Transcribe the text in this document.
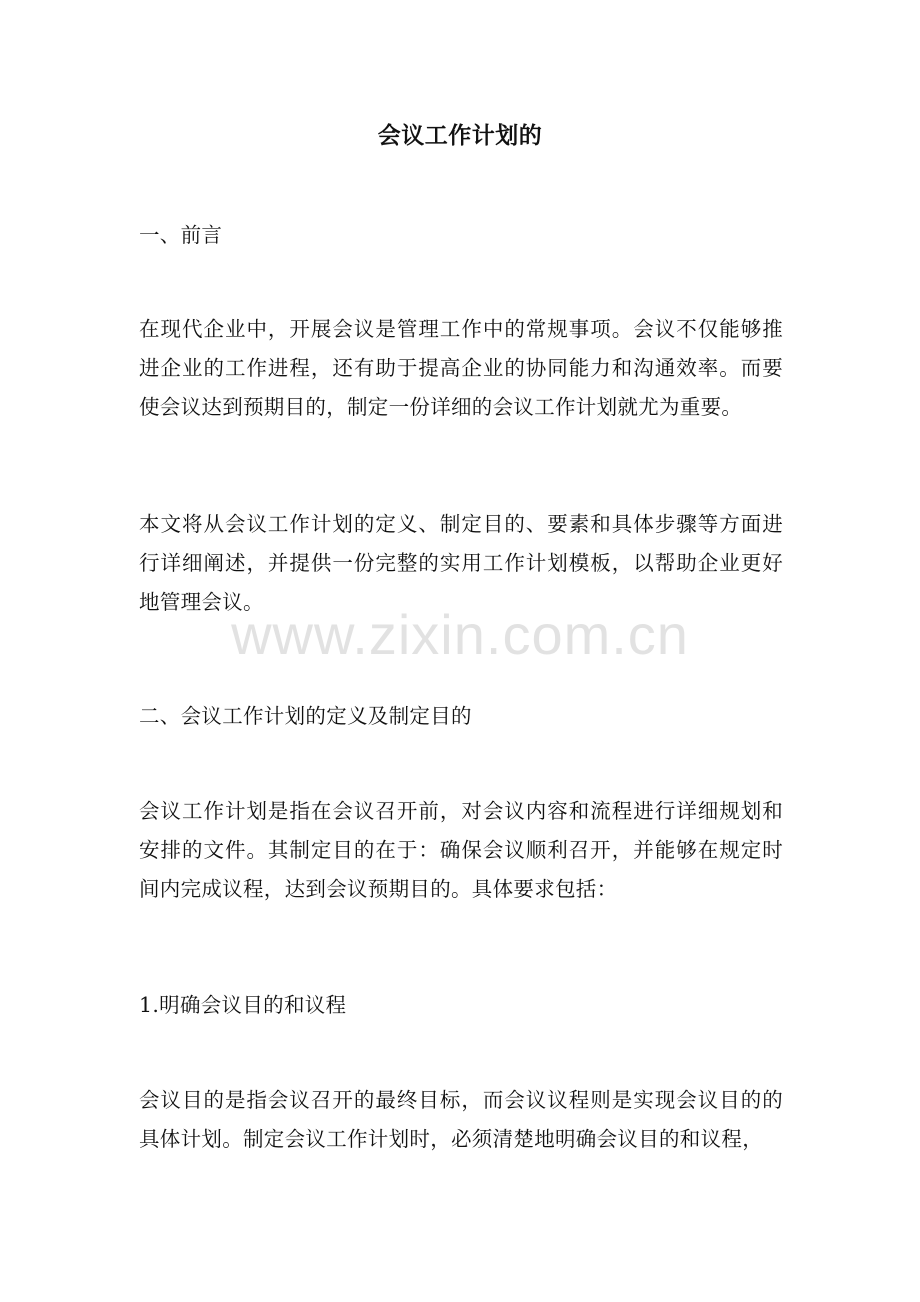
会议工作计划的

一、前言

在现代企业中，开展会议是管理工作中的常规事项。会议不仅能够推进企业的工作进程，还有助于提高企业的协同能力和沟通效率。而要使会议达到预期目的，制定一份详细的会议工作计划就尤为重要。

本文将从会议工作计划的定义、制定目的、要素和具体步骤等方面进行详细阐述，并提供一份完整的实用工作计划模板，以帮助企业更好地管理会议。

二、会议工作计划的定义及制定目的

会议工作计划是指在会议召开前，对会议内容和流程进行详细规划和安排的文件。其制定目的在于：确保会议顺利召开，并能够在规定时间内完成议程，达到会议预期目的。具体要求包括：

1.明确会议目的和议程

会议目的是指会议召开的最终目标，而会议议程则是实现会议目的的具体计划。制定会议工作计划时，必须清楚地明确会议目的和议程，

www.zixin.com.cn
